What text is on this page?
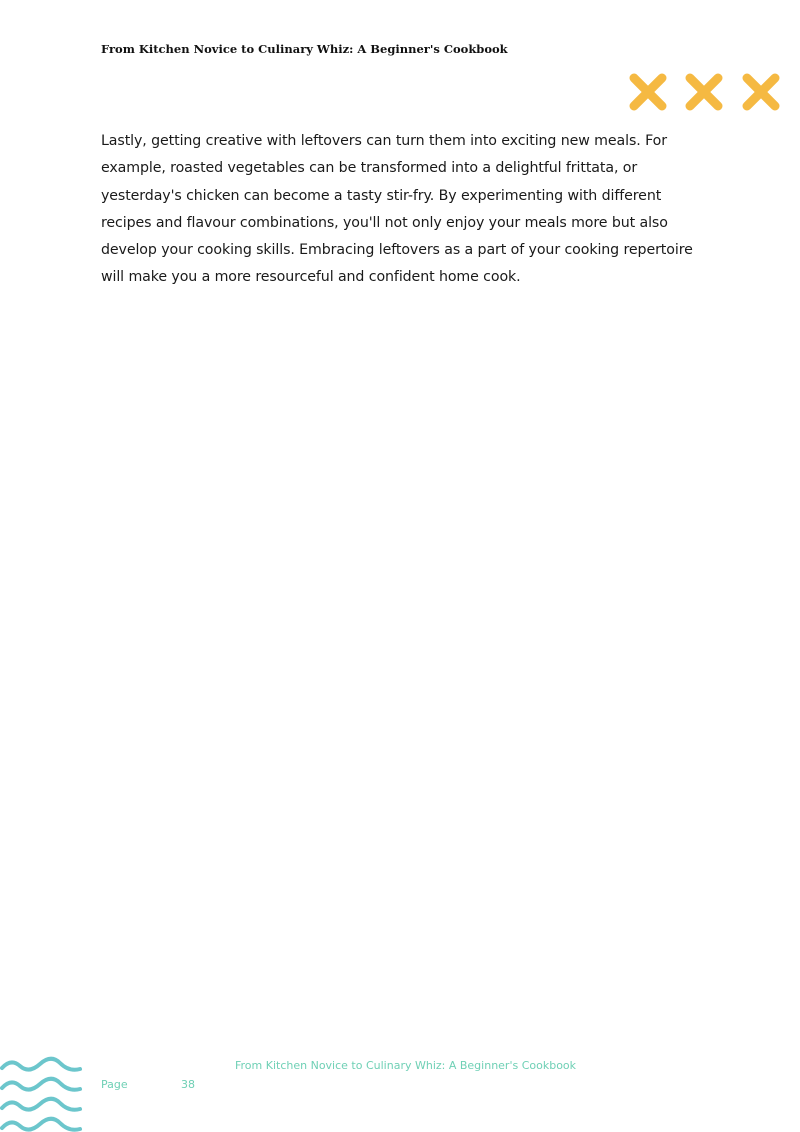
From Kitchen Novice to Culinary Whiz: A Beginner's Cookbook

Lastly, getting creative with leftovers can turn them into exciting new meals. For
example, roasted vegetables can be transformed into a delightful frittata, or
yesterday's chicken can become a tasty stir-fry. By experimenting with different
recipes and flavour combinations, you'll not only enjoy your meals more but also
develop your cooking skills. Embracing leftovers as a part of your cooking repertoire
will make you a more resourceful and confident home cook.

From Kitchen Novice to Culinary Whiz: A Beginner's Cookbook
Page	38
